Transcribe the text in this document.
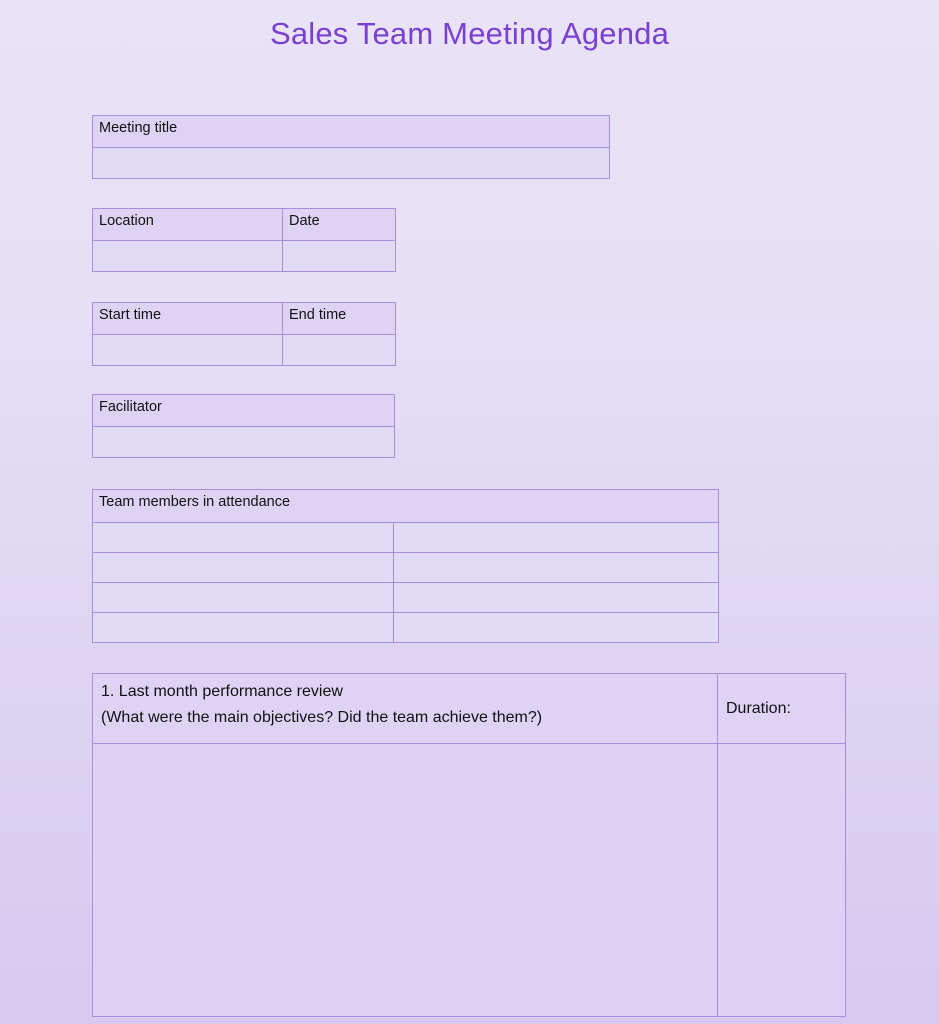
Sales Team Meeting Agenda
Meeting title

Location	Date

Start time	End time

Facilitator

Team members in attendance	

1. Last month performance review
(What were the main objectives? Did the team achieve them?)	Duration:
